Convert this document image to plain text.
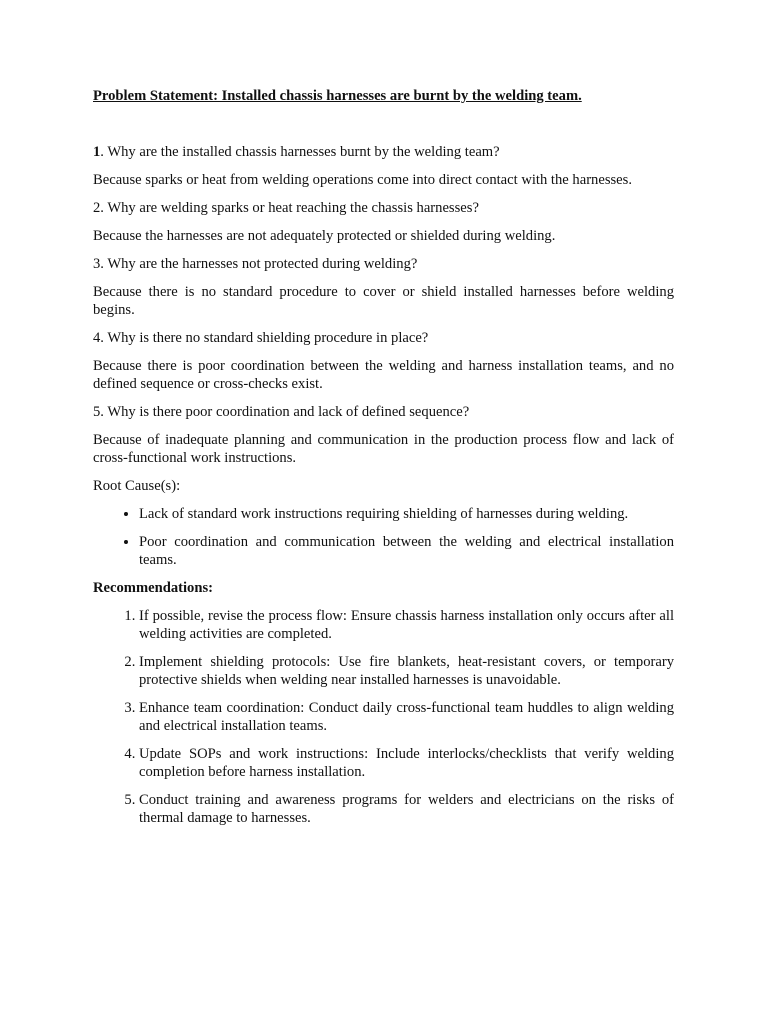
Problem Statement: Installed chassis harnesses are burnt by the welding team.

1. Why are the installed chassis harnesses burnt by the welding team?

Because sparks or heat from welding operations come into direct contact with the harnesses.

2. Why are welding sparks or heat reaching the chassis harnesses?

Because the harnesses are not adequately protected or shielded during welding.

3. Why are the harnesses not protected during welding?

Because there is no standard procedure to cover or shield installed harnesses before welding begins.

4. Why is there no standard shielding procedure in place?

Because there is poor coordination between the welding and harness installation teams, and no defined sequence or cross-checks exist.

5. Why is there poor coordination and lack of defined sequence?

Because of inadequate planning and communication in the production process flow and lack of cross-functional work instructions.

Root Cause(s):

• Lack of standard work instructions requiring shielding of harnesses during welding.
• Poor coordination and communication between the welding and electrical installation teams.
Recommendations:
1. If possible, revise the process flow: Ensure chassis harness installation only occurs after all welding activities are completed.
2. Implement shielding protocols: Use fire blankets, heat-resistant covers, or temporary protective shields when welding near installed harnesses is unavoidable.
3. Enhance team coordination: Conduct daily cross-functional team huddles to align welding and electrical installation teams.
4. Update SOPs and work instructions: Include interlocks/checklists that verify welding completion before harness installation.
5. Conduct training and awareness programs for welders and electricians on the risks of thermal damage to harnesses.
